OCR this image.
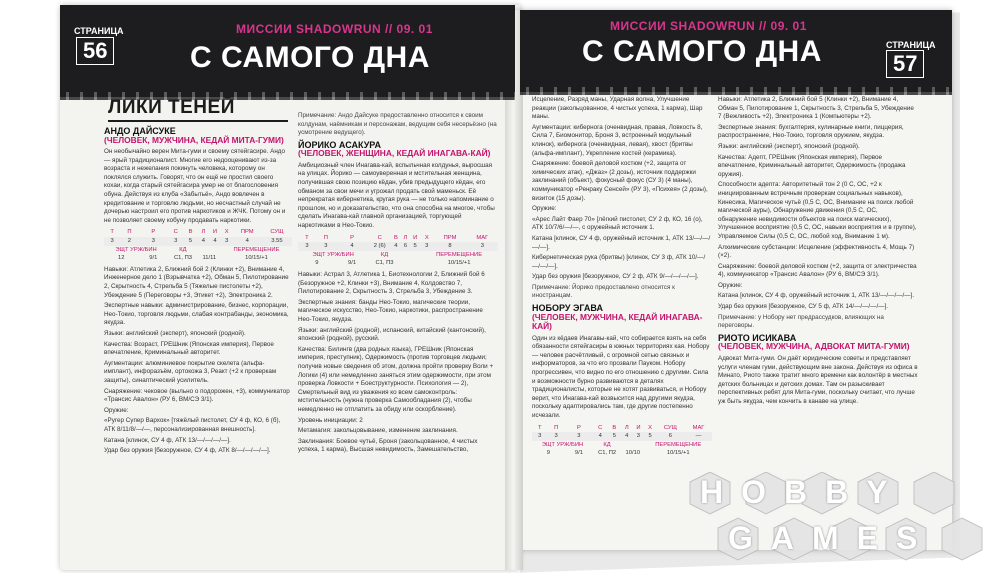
СТРАНИЦА
56
МИССИИ SHADOWRUN // 09. 01
С САМОГО ДНА
МИССИИ SHADOWRUN // 09. 01
С САМОГО ДНА	СТРАНИЦА
57
ЛИКИ ТЕНЕЙ
АНДО ДАЙСУКЕ
(ЧЕЛОВЕК, МУЖЧИНА, КЕДАЙ МИТА-ГУМИ)

Он необычайно верен Мита-гуми и своему сятейгасире. Андо — ярый традиционалист. Многие его недооценивают из-за возраста и нежелания покинуть человека, которому он поклялся служить. Говорят, что он ещё не простил своего кохаи, когда старый сятейгасира умер не от благословения обуна. Действуя из клуба «Забытьё», Андо вовлечен в кредитование и торговлю людьми, но несчастный случай не дочерью настроил его против наркотиков и ЖЧК. Потому он и не позволяет своему кобуну продавать наркотики.

Т	П	Р	С	В	Л	И	Х	ПРМ	СУЩ
3	2	3	3	5	4	4	3	4	3.55
ЭЩТ УРЖ/БИН			КД				ПЕРЕМЕЩЕНИЕ		
12		9/1	С1, П3		11/11		10/15/+1		

Навыки: Атлетика 2, Ближний бой 2 (Клинки +2), Внимание 4, Инженерное дело 1 (Взрывчатка +2), Обман 5, Пилотирование 2, Скрытность 4, Стрельба 5 (Тяжелые пистолеты +2), Убеждение 5 (Переговоры +3, Этикет +2), Электроника 2.

Экспертные навыки: администрирование, бизнес, корпорации, Нео-Токио, торговля людьми, слабая контрабанды, экономика, якудза.

Языки: английский (эксперт), японский (родной).

Качества: Возраст, ГРЕШник (Японская империя), Первое впечатление, Криминальный авторитет.

Аугментации: алюминиевое покрытие скелета (альфа-имплант), инфоразъём, ортокожа 3, Реакт (+2 к проверкам защиты), синаптический усилитель.

Снаряжение: чековое (выльно о подорожен, +3), коммуникатор «Трансис Авалон» (РУ 6, ВМ/СЭ 3/1).

Оружие:

«Ругер Супер Вархок» [тяжёлый пистолет, СУ 4 ф, КО, 6 (б), АТК 8/11/8/—/—, персонализированная внешность].

Катана [клинок, СУ 4 ф, АТК 13/—/—/—/—].

Удар без оружия [безоружное, СУ 4 ф, АТК 8/—/—/—/—].

Примечание: Андо Дайсуке предоставленно относится к своим колдунам, наёмникам и персонажам, ведущим себя несерьёзно (на усмотрение ведущего).

ЙОРИКО АСАКУРА
(ЧЕЛОВЕК, ЖЕНЩИНА, КЕДАЙ ИНАГАВА-КАЙ)

Амбициозный член Инагава-кай, вспыльчная колдунья, выросшая на улицах. Йорико — самоуверенная и мстительная женщина, получившая свою позицию кёдан, убив предыдущего кёдан, его обманом за свои мечи и угрожал продать свой маменьск. Её непрекратая кибернетика, кругая рука — не только напоминание о прошлом, но и доказательство, что она способна на многое, чтобы сделать Инагава-кай главной организацией, торгующей наркотиками в Нео-Токио.

Т	П	Р	С	В	Л	И	Х	ПРМ	МАГ
3	3	4	2 (6)	4	6	5	3	8	3
ЭЩТ УРЖ/БИН			КД				ПЕРЕМЕЩЕНИЕ		
9		9/1	С1, П3				10/15/+1		

Навыки: Астрал 3, Атлетика 1, Биотехнологии 2, Ближний бой 6 (Безоружное +2, Клинки +3), Внимание 4, Колдовство 7, Пилотирование 2, Скрытность 3, Стрельба 3, Убеждение 3.

Экспертные знания: банды Нео-Токио, магические теории, магическое искусство, Нео-Токио, наркотики, распространение Нео-Токио, якудза.

Языки: английский (родной), испанский, китайский (кантонский), японский (родной), русский.

Качества: Билингв (два родных языка), ГРЕШник (Японская империя, преступник), Одержимость (против торговцев людьми; получив новые сведения об этом, должна пройти проверку Воли + Логики (4) или немедленно заняться этим одержимости, при этом проверка Ловкости + Боеструктурности. Психология — 2), Смертельный вид из уважения ко всем самоконтроль: мстительность (нужна проверка Самообладания (2), чтобы немедленно не отплатить за обиду или оскорбление).

Уровень инициации: 2

Метамагия: закольцовывание, изменение заклинания.

Заклинания: Боевое чутьё, Броня (закольцованное, 4 чистых успеха, 1 карма), Высшая невидимость, Замешательство,

Исцеление, Разряд маны, Ударная волна, Улучшение реакции (закольцованное, 4 чистых успеха, 1 карма), Шар маны.

Аугментации: кибернога (оченвидная, правая, Ловкость 8, Сила 7, Биомонитор, Броня 3, встроенный модульный клинок), кибернога (оченвидная, левая), хвост (бритвы (альфа-имплант), Укрепление костей (керамика).

Снаряжение: боевой деловой костюм (+2, защита от химических атак), «Джаз» (2 дозы), источник поддержки заклинаний (объект), фокусный фокус (СУ 3) (4 маны), коммуникатор «Ренраку Сенсей» (РУ 3), «Психея» (2 дозы), визиток (15 дозы).

Оружие:

«Арес Лайт Фаер 70» [лёгкий пистолет, СУ 2 ф, КО, 16 (о), АТК 10/7/6/—/—, с оружейный источник 1.

Катана [клинок, СУ 4 ф, оружейный источник 1, АТК 13/—/—/—/—].

Кибернетическая рука (бритвы) [клинок, СУ 3 ф, АТК 10/—/—/—/—].

Удар без оружия [безоружное, СУ 2 ф, АТК 9/—/—/—/—].

Примечание: Йорико предоставлено относится к иностранцам.

НОБОРУ ЭГАВА
(ЧЕЛОВЕК, МУЖЧИНА, КЕДАЙ ИНАГАВА-КАЙ)

Один из кёдаев Инагавы-кай, что собирается взять на себя обязанности сятейгасиры в южных территориях кая. Нобору — человек расчётливый, с огромной сетью связных и информаторов, за что его прозвали Пауком. Нобору прогрессивен, что видно по его отношению с другими. Сила и возможности бурно развиваются в деталях традиционалисты, которые не хотят развиваться, и Нобору верит, что Инагава-кай возвысится над другими якудза, поскольку адаптировались там, где другие постепенно исчезали.

Т	П	Р	С	В	Л	И	Х	СУЩ	МАГ
3	3	3	4	5	4	3	5	6	—
ЭЩТ УРЖ/БИН			КД				ПЕРЕМЕЩЕНИЕ		
9		9/1	С1, П2		10/10		10/15/+1		

Навыки: Атлетика 2, Ближний бой 5 (Клинки +2), Внимание 4, Обман 5, Пилотирование 1, Скрытность 3, Стрельба 5, Убеждение 7 (Вежливость +2), Электроника 1 (Компьютеры +2).

Экспертные знания: бухгалтерия, кулинарные книги, пиццерия, распространение, Нео-Токио, торговля оружием, якудза.

Языки: английский (эксперт), японский (родной).

Качества: Адепт, ГРЕШник (Японская империя), Первое впечатление, Криминальный авторитет, Одержимость (продажа оружия).

Способности адепта: Авторитетный тон 2 (0 С, ОС, +2 к инициированным встречным проверкам социальных навыков), Кинесика, Магическое чутьё (0,5 С, ОС, Внимание на поиск любой магической ауры), Обнаружение движения (0,5 С, ОС, обнаружение невидимости объектов на поиск магических), Улучшенное восприятие (0,5 С, ОС, навыки восприятия и в группе), Управляемое Силы (0,5 С, ОС, любой ход, Внимание 1 м).

Алхимические субстанции: Исцеление (эффективность 4, Мощь 7) (×2).

Снаряжение: боевой деловой костюм (+2, защита от электричества 4), коммуникатор «Трансис Авалон» (РУ 6, ВМ/СЭ 3/1).

Оружие:

Катана [клинок, СУ 4 ф, оружейный источник 1, АТК 13/—/—/—/—].

Удар без оружия [безоружное, СУ 5 ф, АТК 14/—/—/—/—].

Примечание: у Нобору нет предрассудков, влияющих на переговоры.

РИОТО ИСИКАВА
(ЧЕЛОВЕК, МУЖЧИНА, АДВОКАТ МИТА-ГУМИ)

Адвокат Мита-гуми. Он даёт юридические советы и представляет услуги членам гуми, действующим вне закона. Действуя из офиса в Минато, Риото также тратит много времени как волонтёр в местных детских больницах и детских домах. Там он разыскивает перспективных ребят для Мита-гуми, поскольку считает, что лучше уж быть якудза, чем кончить в канаве на улице.

HOBBY
GAMES
